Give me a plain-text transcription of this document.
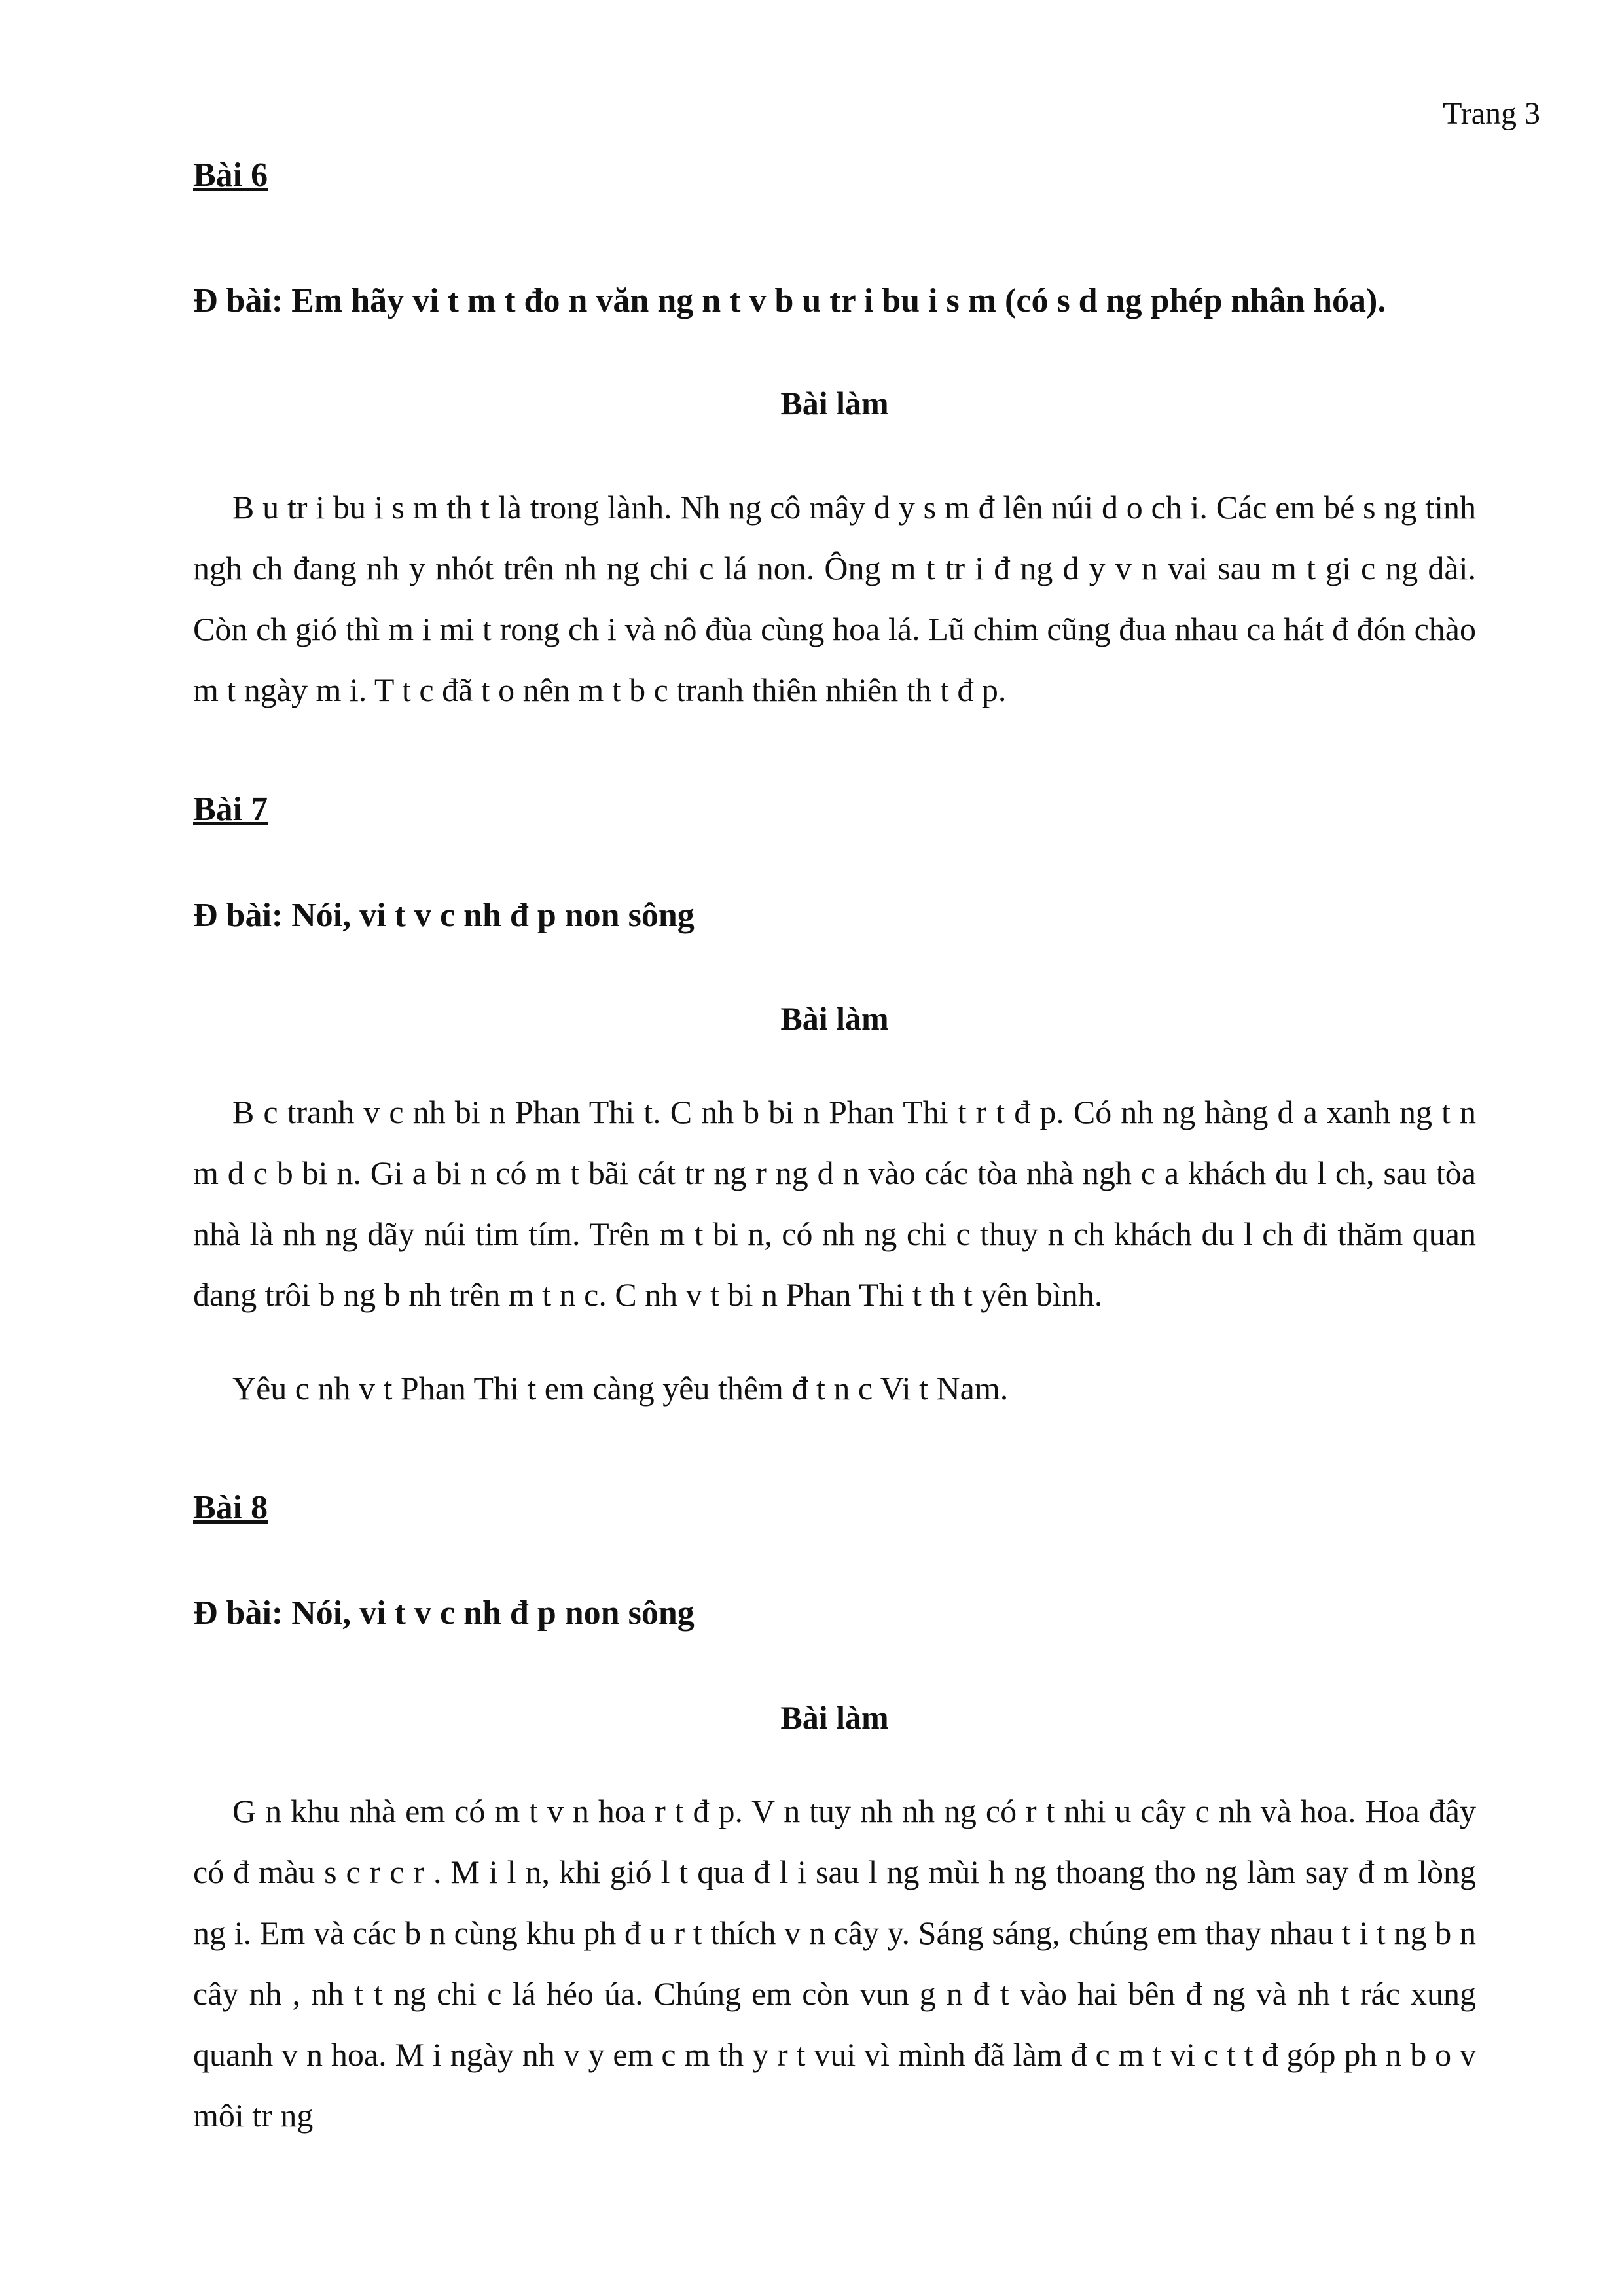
Trang 3

Bài 6

Đ bài: Em hãy vi t m t đo n văn ng n t v b u tr i bu i s m (có s d ng phép nhân hóa).

Bài làm

B u tr i bu i s m th t là trong lành. Nh ng cô mây d y s m đ lên núi d o ch i. Các em bé s ng tinh ngh ch đang nh y nhót trên nh ng chi c lá non. Ông m t tr i đ ng d y v n vai sau m t gi c ng dài. Còn ch gió thì m i mi t rong ch i và nô đùa cùng hoa lá. Lũ chim cũng đua nhau ca hát đ đón chào m t ngày m i. T t c đã t o nên m t b c tranh thiên nhiên th t đ p.

Bài 7

Đ bài: Nói, vi t v c nh đ p non sông

Bài làm

B c tranh v c nh bi n Phan Thi t. C nh b bi n Phan Thi t r t đ p. Có nh ng hàng d a xanh ng t n m d c b bi n. Gi a bi n có m t bãi cát tr ng r ng d n vào các tòa nhà ngh c a khách du l ch, sau tòa nhà là nh ng dãy núi tim tím. Trên m t bi n, có nh ng chi c thuy n ch khách du l ch đi thăm quan đang trôi b ng b nh trên m t n c. C nh v t bi n Phan Thi t th t yên bình.

Yêu c nh v t Phan Thi t em càng yêu thêm đ t n c Vi t Nam.

Bài 8

Đ bài: Nói, vi t v c nh đ p non sông

Bài làm

G n khu nhà em có m t v n hoa r t đ p. V n tuy nh nh ng có r t nhi u cây c nh và hoa. Hoa đây có đ màu s c r c r . M i l n, khi gió l t qua đ l i sau l ng mùi h ng thoang tho ng làm say đ m lòng ng i. Em và các b n cùng khu ph đ u r t thích v n cây y. Sáng sáng, chúng em thay nhau t i t ng b n cây nh , nh t t ng chi c lá héo úa. Chúng em còn vun g n đ t vào hai bên đ ng và nh t rác xung quanh v n hoa. M i ngày nh v y em c m th y r t vui vì mình đã làm đ c m t vi c t t đ góp ph n b o v môi tr ng
